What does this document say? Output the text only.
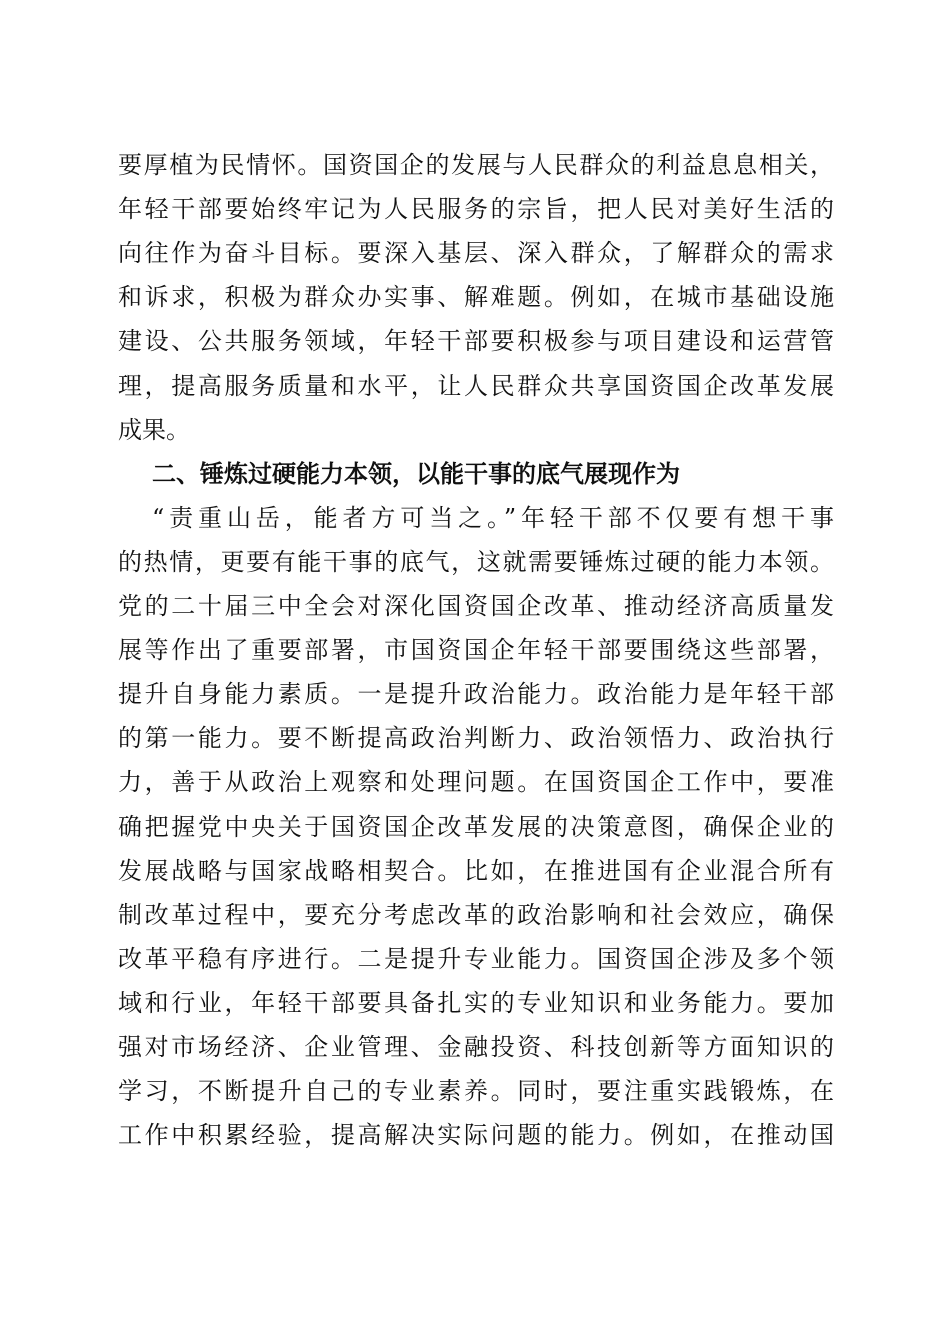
要厚植为民情怀。国资国企的发展与人民群众的利益息息相关，
年轻干部要始终牢记为人民服务的宗旨，把人民对美好生活的
向往作为奋斗目标。要深入基层、深入群众，了解群众的需求
和诉求，积极为群众办实事、解难题。例如，在城市基础设施
建设、公共服务领域，年轻干部要积极参与项目建设和运营管
理，提高服务质量和水平，让人民群众共享国资国企改革发展
成果。
二、锤炼过硬能力本领，以能干事的底气展现作为
“责重山岳，能者方可当之。”年轻干部不仅要有想干事
的热情，更要有能干事的底气，这就需要锤炼过硬的能力本领。
党的二十届三中全会对深化国资国企改革、推动经济高质量发
展等作出了重要部署，市国资国企年轻干部要围绕这些部署，
提升自身能力素质。一是提升政治能力。政治能力是年轻干部
的第一能力。要不断提高政治判断力、政治领悟力、政治执行
力，善于从政治上观察和处理问题。在国资国企工作中，要准
确把握党中央关于国资国企改革发展的决策意图，确保企业的
发展战略与国家战略相契合。比如，在推进国有企业混合所有
制改革过程中，要充分考虑改革的政治影响和社会效应，确保
改革平稳有序进行。二是提升专业能力。国资国企涉及多个领
域和行业，年轻干部要具备扎实的专业知识和业务能力。要加
强对市场经济、企业管理、金融投资、科技创新等方面知识的
学习，不断提升自己的专业素养。同时，要注重实践锻炼，在
工作中积累经验，提高解决实际问题的能力。例如，在推动国
